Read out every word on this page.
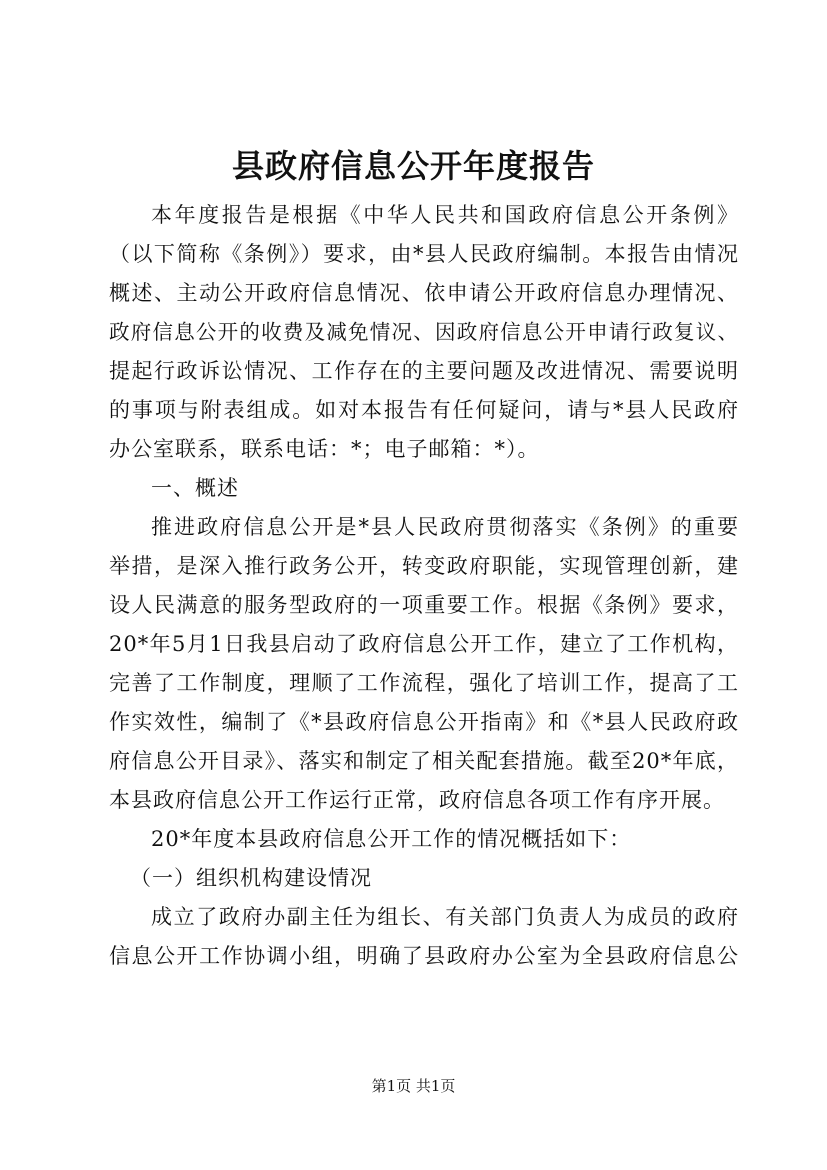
县政府信息公开年度报告
本年度报告是根据《中华人民共和国政府信息公开条例》
（以下简称《条例》）要求，由*县人民政府编制。本报告由情况
概述、主动公开政府信息情况、依申请公开政府信息办理情况、
政府信息公开的收费及减免情况、因政府信息公开申请行政复议、
提起行政诉讼情况、工作存在的主要问题及改进情况、需要说明
的事项与附表组成。如对本报告有任何疑问，请与*县人民政府
办公室联系，联系电话：*；电子邮箱：*）。
一、概述
推进政府信息公开是*县人民政府贯彻落实《条例》的重要
举措，是深入推行政务公开，转变政府职能，实现管理创新，建
设人民满意的服务型政府的一项重要工作。根据《条例》要求，
20*年5月1日我县启动了政府信息公开工作，建立了工作机构，
完善了工作制度，理顺了工作流程，强化了培训工作，提高了工
作实效性，编制了《*县政府信息公开指南》和《*县人民政府政
府信息公开目录》、落实和制定了相关配套措施。截至20*年底，
本县政府信息公开工作运行正常，政府信息各项工作有序开展。
20*年度本县政府信息公开工作的情况概括如下：
（一）组织机构建设情况
成立了政府办副主任为组长、有关部门负责人为成员的政府
信息公开工作协调小组，明确了县政府办公室为全县政府信息公
第1页 共1页
